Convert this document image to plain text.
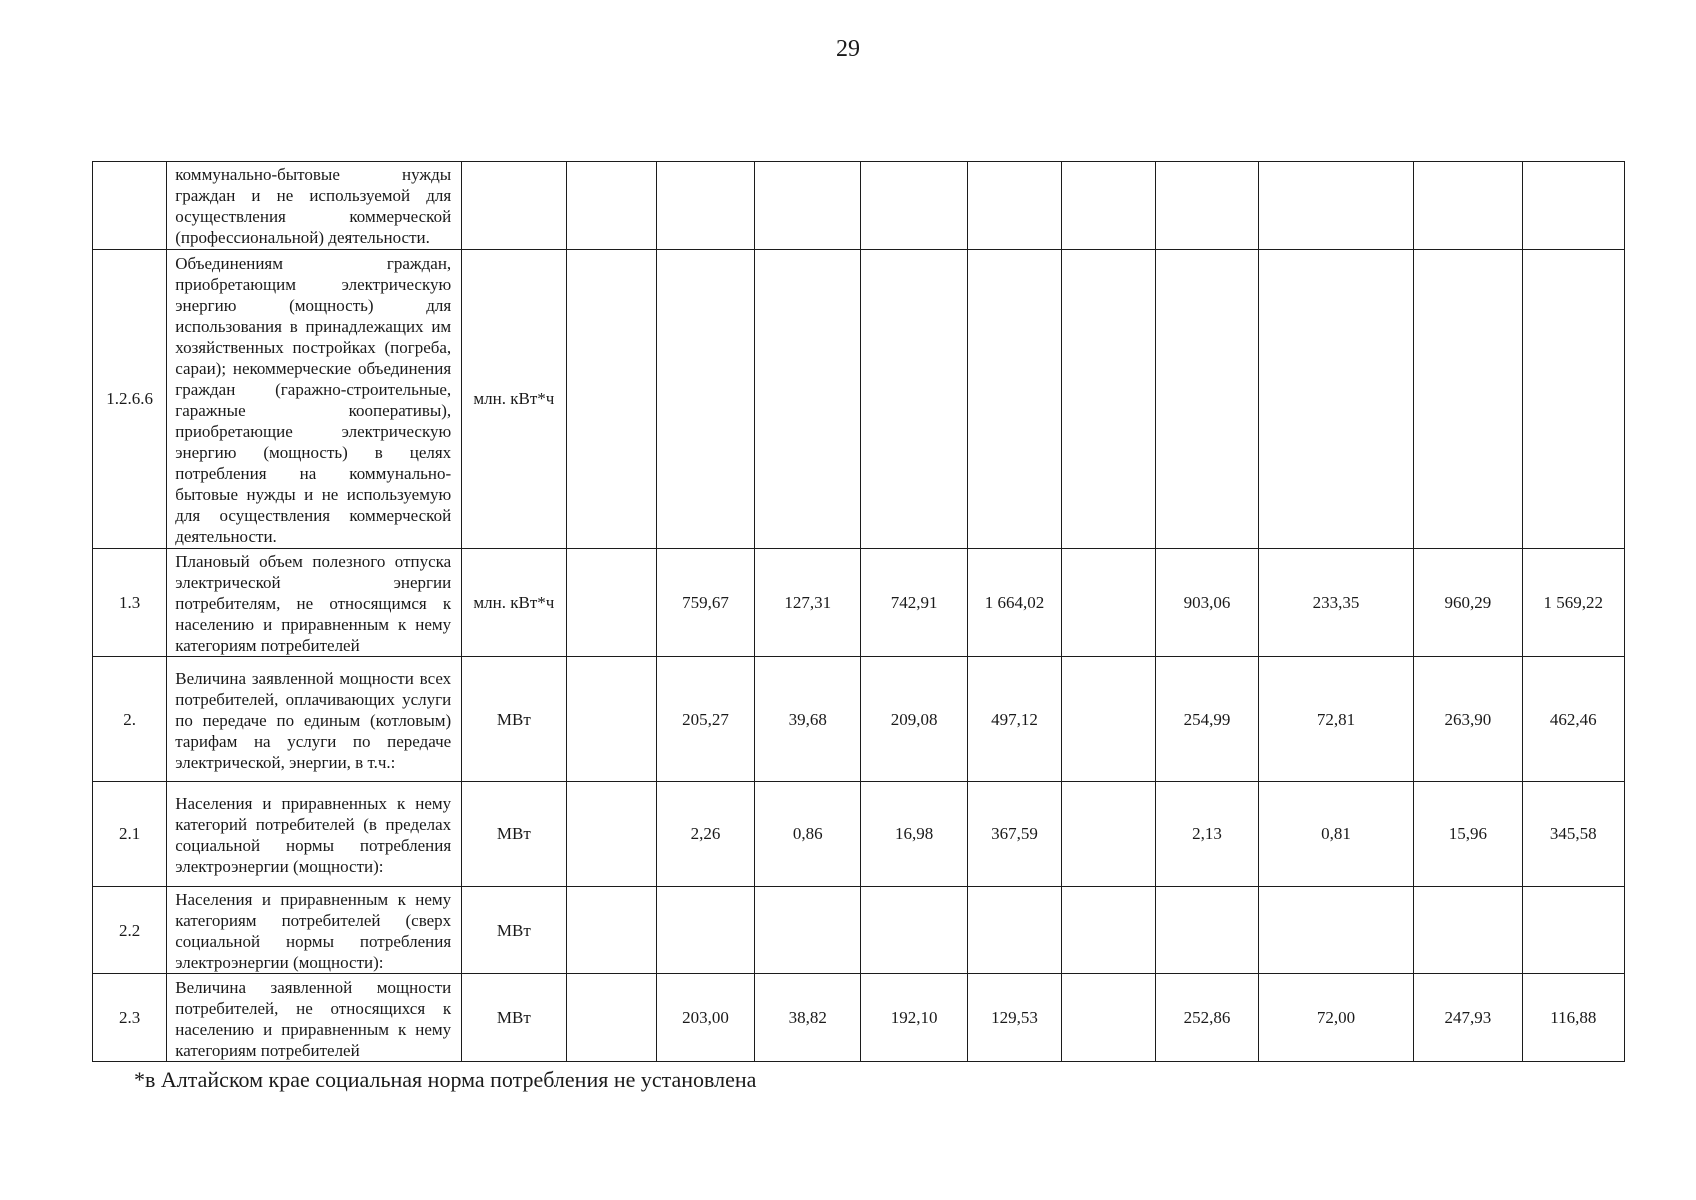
29
	коммунально-бытовые нужды граждан и не используемой для осуществления коммерческой (профессиональной) деятельности.											
1.2.6.6	Объединениям граждан, приобретающим электрическую энергию (мощность) для использования в принадлежащих им хозяйственных постройках (погреба, сараи); некоммерческие объединения граждан (гаражно-строительные, гаражные кооперативы), приобретающие электрическую энергию (мощность) в целях потребления на коммунально-бытовые нужды и не используемую для осуществления коммерческой деятельности.	млн. кВт*ч										
1.3	Плановый объем полезного отпуска электрической энергии потребителям, не относящимся к населению и приравненным к нему категориям потребителей	млн. кВт*ч		759,67	127,31	742,91	1 664,02		903,06	233,35	960,29	1 569,22
2.	Величина заявленной мощности всех потребителей, оплачивающих услуги по передаче по единым (котловым) тарифам на услуги по передаче электрической, энергии, в т.ч.:	МВт		205,27	39,68	209,08	497,12		254,99	72,81	263,90	462,46
2.1	Населения и приравненных к нему категорий потребителей (в пределах социальной нормы потребления электроэнергии (мощности):	МВт		2,26	0,86	16,98	367,59		2,13	0,81	15,96	345,58
2.2	Населения и приравненным к нему категориям потребителей (сверх социальной нормы потребления электроэнергии (мощности):	МВт										
2.3	Величина заявленной мощности потребителей, не относящихся к населению и приравненным к нему категориям потребителей	МВт		203,00	38,82	192,10	129,53		252,86	72,00	247,93	116,88
*в Алтайском крае социальная норма потребления не установлена
